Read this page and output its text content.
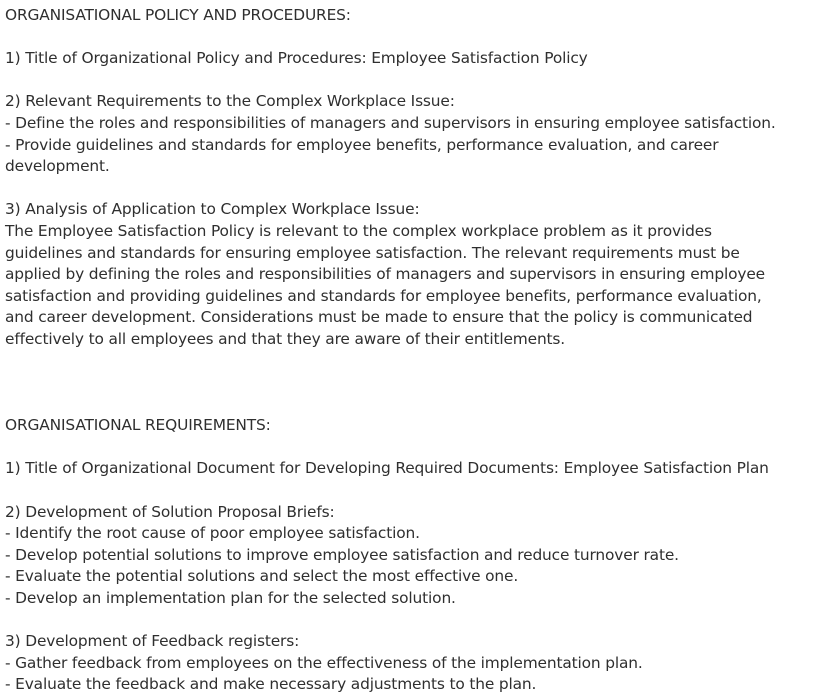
ORGANISATIONAL POLICY AND PROCEDURES:
1) Title of Organizational Policy and Procedures: Employee Satisfaction Policy
2) Relevant Requirements to the Complex Workplace Issue:
- Define the roles and responsibilities of managers and supervisors in ensuring employee satisfaction.
- Provide guidelines and standards for employee benefits, performance evaluation, and career
development.
3) Analysis of Application to Complex Workplace Issue:
The Employee Satisfaction Policy is relevant to the complex workplace problem as it provides
guidelines and standards for ensuring employee satisfaction. The relevant requirements must be
applied by defining the roles and responsibilities of managers and supervisors in ensuring employee
satisfaction and providing guidelines and standards for employee benefits, performance evaluation,
and career development. Considerations must be made to ensure that the policy is communicated
effectively to all employees and that they are aware of their entitlements.
ORGANISATIONAL REQUIREMENTS:
1) Title of Organizational Document for Developing Required Documents: Employee Satisfaction Plan
2) Development of Solution Proposal Briefs:
- Identify the root cause of poor employee satisfaction.
- Develop potential solutions to improve employee satisfaction and reduce turnover rate.
- Evaluate the potential solutions and select the most effective one.
- Develop an implementation plan for the selected solution.
3) Development of Feedback registers:
- Gather feedback from employees on the effectiveness of the implementation plan.
- Evaluate the feedback and make necessary adjustments to the plan.
